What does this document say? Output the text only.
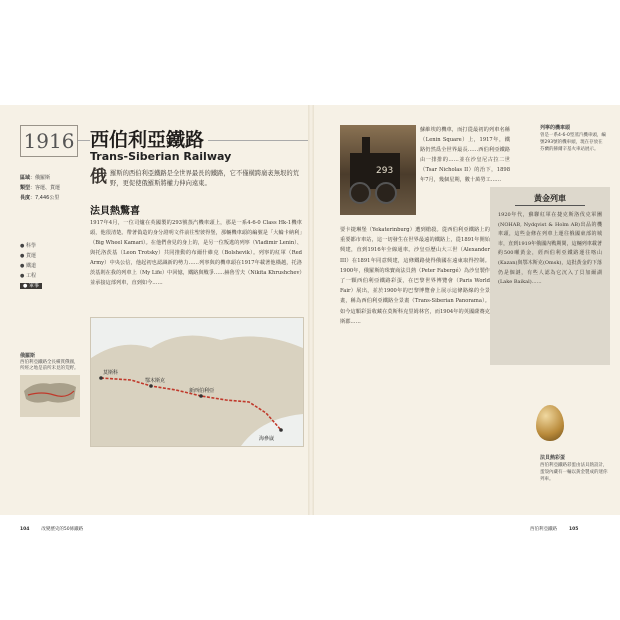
1916 西伯利亞鐵路
Trans-Siberian Railway
區域：俄羅斯
類型：客運、貨運
長度：7,446公里
● 科學
● 貨運
● 鐵道
● 工程
● 軍事
俄 羅斯的西伯利亞鐵路是全世界最長的鐵路，它不僅橫跨廣袤無垠的荒野，更促使俄羅斯將權力伸向遠東。
法貝熱驚喜
1917年4月，一位司爐在英國製的293號蒸汽機車頭上，那是一系4-6-0 Class Hk-1機車頭，他很清楚。帶著偽造的身分證明文件前往聖彼得堡，那輛機車頭的編號是「大輪卡納利」（Big Wheel Kamari）。在他們會見的身上的，是另一位叛逃的列寧（Vladimir Lenin）、與托洛茨基（Leon Trotsky）共同推動的布爾什維克（Bolshevik）。列寧的紅軍（Red Army）中央公信，他起初也認識新的勢力……列寧與的機車頭在1917年載著他橫越，托洛茨基則在我的列車上（My Life）中回憶，鐵路與戰爭……赫魯雪夫（Nikita Khrushchev）並承接這部列車，直到如今……
俄羅斯
西伯利亞鐵路全長橫貫俄國，所經之地是前所未見的荒野。
莫斯科
鄂木斯克
新西伯利亞
海參崴
293
蘇維埃的機車，而打從最初的列車名稱（Lenin Square）上，1917年，鐵路仍然爲全世界最長……西伯利亞鐵路由一排排的……並在沙皇尼古拉二世（Tsar Nicholas II）的治下，1898年7月，幾個星期，數十萬勞工……
列寧的機車頭
曾是一系4-6-0型蒸汽機車頭，編號293號的機車頭，現在存放在芬蘭的赫爾辛基火車站展示。
要卡捷琳堡（Yekaterinburg）遭到槍殺。從西伯利亞鐵路上的重要都市車站，這一切發生在世界最遠的鐵路上，從1891年開始興建，直到1916年全線通車。沙皇亞歷山大三世（Alexander III）在1891年同意興建，這條鐵路使得俄國在遠東取得控制。1900年，俄羅斯的珠寶商法貝熱（Peter Fabergé）為沙皇製作了一顆西伯利亞鐵路彩蛋，在巴黎世界博覽會（Paris World Fair）展出，並於1900年的巴黎博覽會上展示這條路線的全景畫，稱為西伯利亞鐵路全景畫（Trans-Siberian Panorama）。如今這顆彩蛋收藏在莫斯科克里姆林宮，而1904年的英國薩賽克斯郡……
黃金列車
1920年代，蘇聯紅軍在捷克斯洛伐克軍團(NOHAB, Nydqvist & Holm AB)出品的機車頭，這些金條在列車上運往俄國東部的城市，直到1919年俄國內戰期間，這輛列車載著約500噸黃金，經西伯利亞鐵路運往喀山(Kazan)與鄂木斯克(Omsk)，這批黃金的下落仍是個謎，有些人認為它沉入了貝加爾湖(Lake Baikal)……
法貝熱彩蛋
西伯利亞鐵路彩蛋由法貝熱設計，蛋殼內藏有一輛以黃金製成的迷你列車。
104	改變歷史的50條鐵路	西伯利亞鐵路	105
